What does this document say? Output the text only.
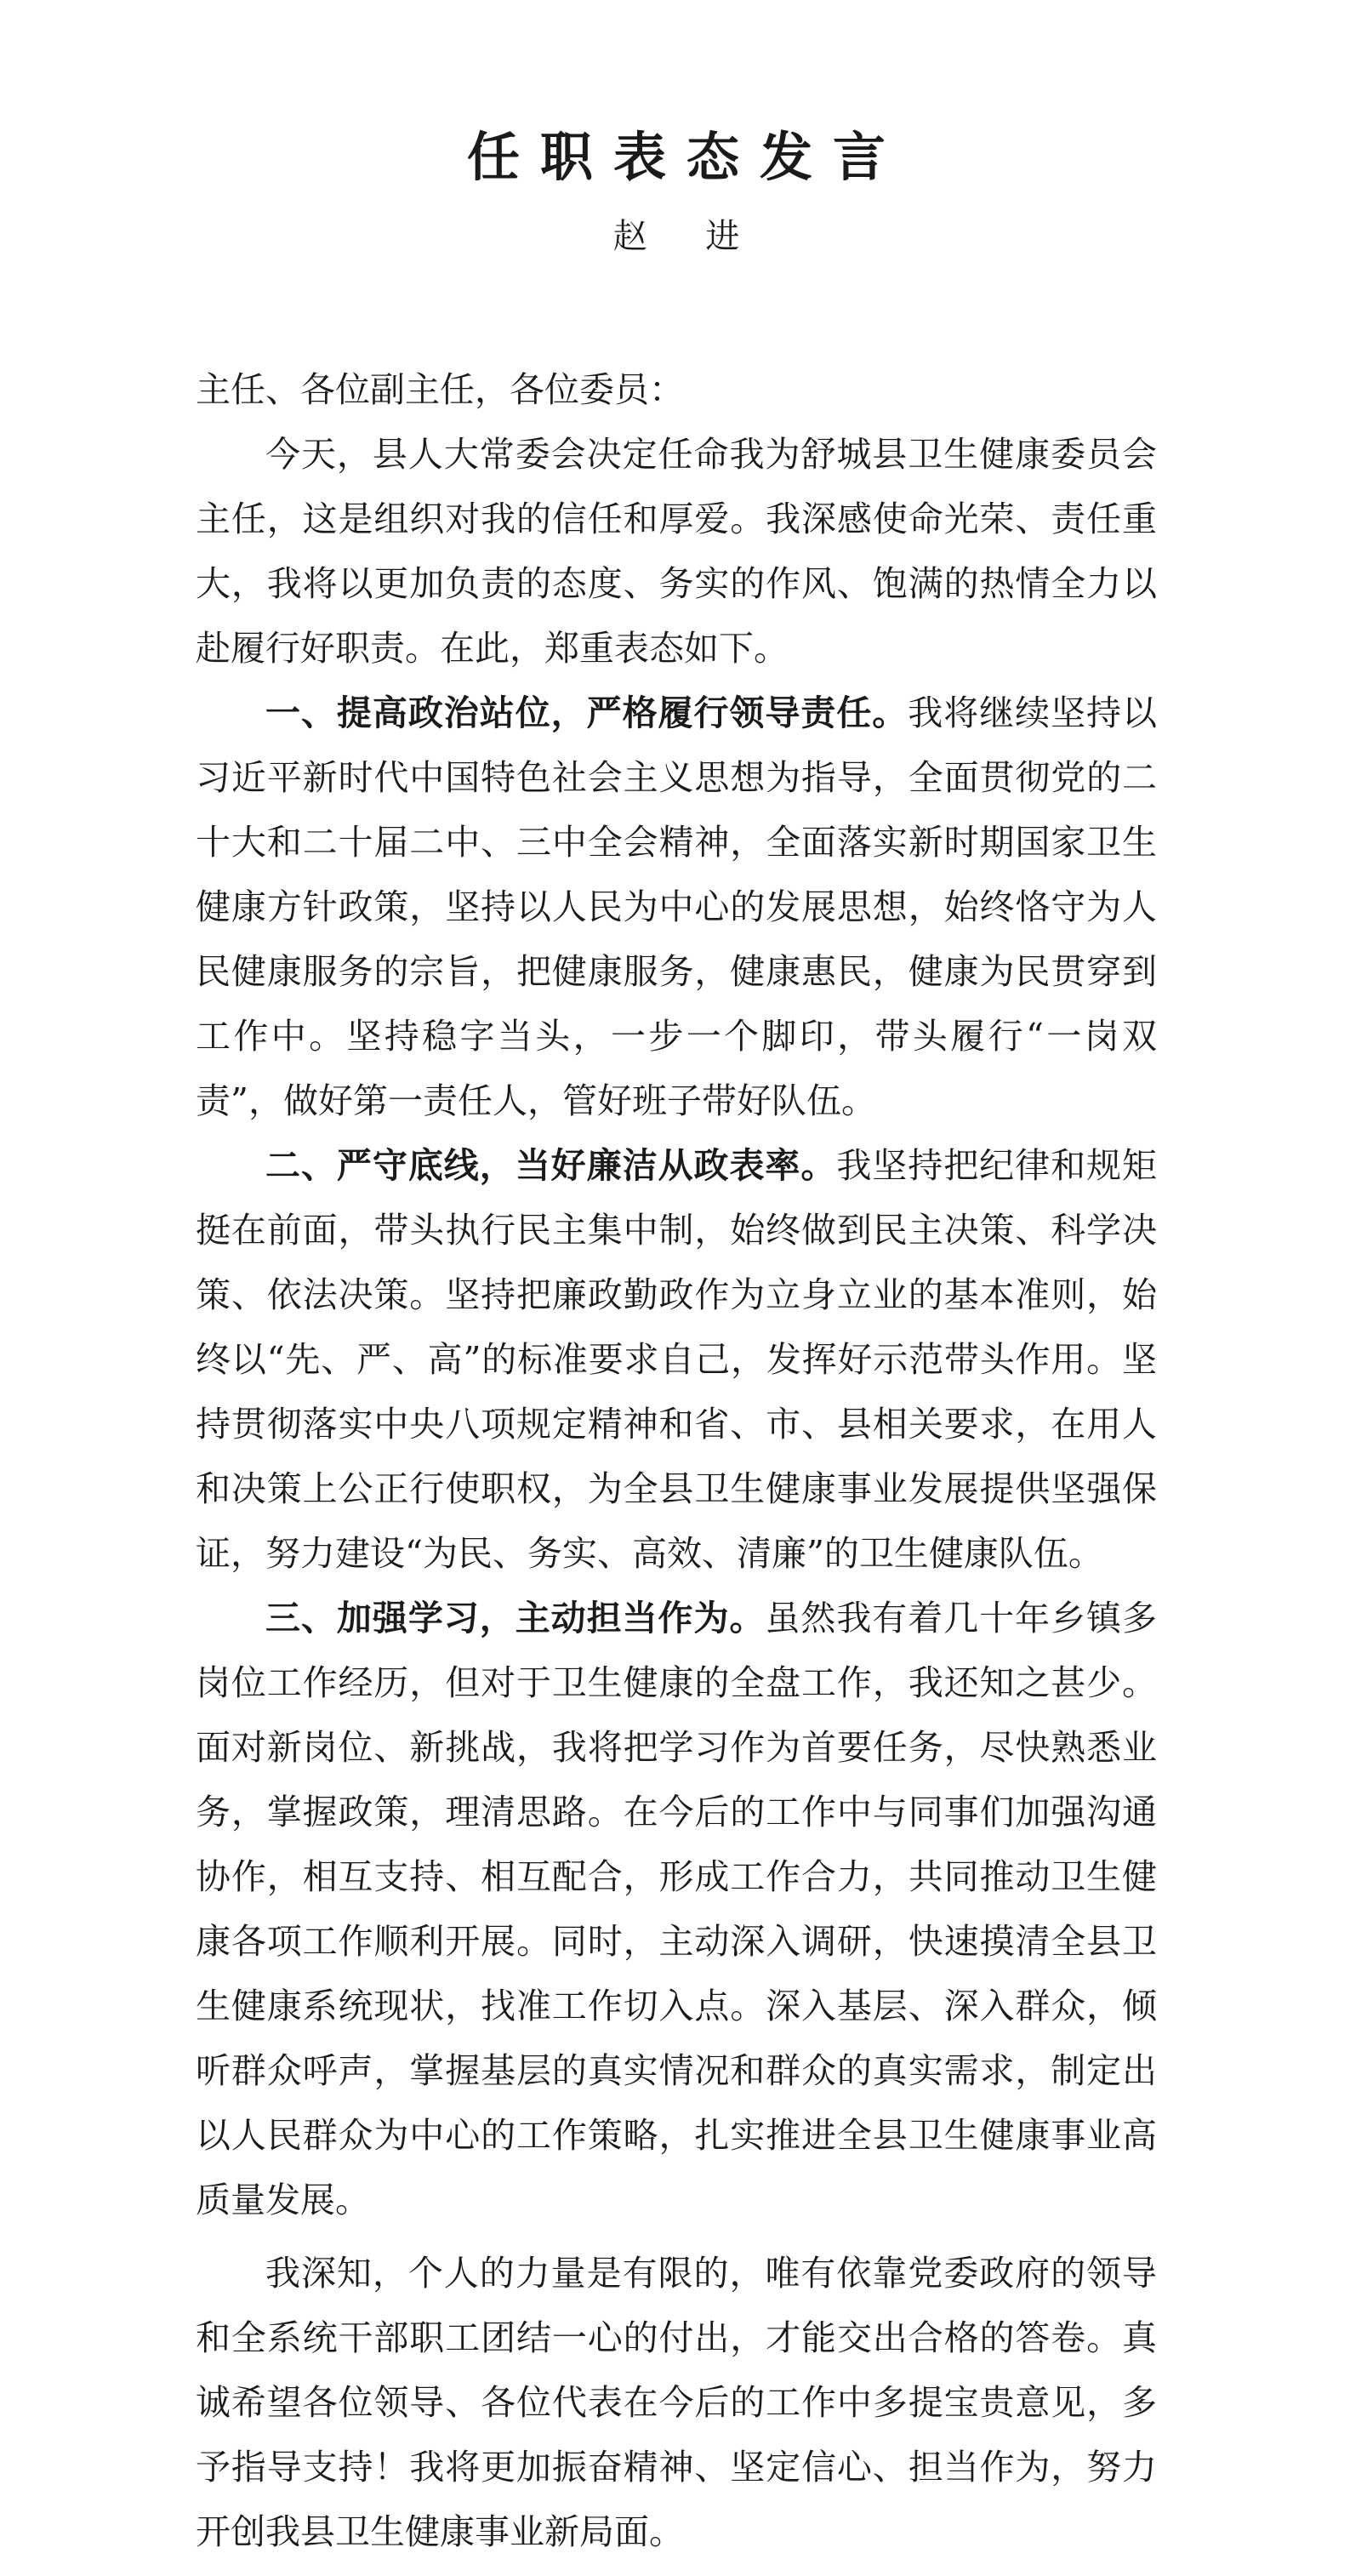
任职表态发言
赵 进
主任、各位副主任，各位委员：

今天，县人大常委会决定任命我为舒城县卫生健康委员会主任，这是组织对我的信任和厚爱。我深感使命光荣、责任重大，我将以更加负责的态度、务实的作风、饱满的热情全力以赴履行好职责。在此，郑重表态如下。

一、提高政治站位，严格履行领导责任。我将继续坚持以习近平新时代中国特色社会主义思想为指导，全面贯彻党的二十大和二十届二中、三中全会精神，全面落实新时期国家卫生健康方针政策，坚持以人民为中心的发展思想，始终恪守为人民健康服务的宗旨，把健康服务，健康惠民，健康为民贯穿到工作中。坚持稳字当头，一步一个脚印，带头履行“一岗双责”，做好第一责任人，管好班子带好队伍。

二、严守底线，当好廉洁从政表率。我坚持把纪律和规矩挺在前面，带头执行民主集中制，始终做到民主决策、科学决策、依法决策。坚持把廉政勤政作为立身立业的基本准则，始终以“先、严、高”的标准要求自己，发挥好示范带头作用。坚持贯彻落实中央八项规定精神和省、市、县相关要求，在用人和决策上公正行使职权，为全县卫生健康事业发展提供坚强保证，努力建设“为民、务实、高效、清廉”的卫生健康队伍。

三、加强学习，主动担当作为。虽然我有着几十年乡镇多岗位工作经历，但对于卫生健康的全盘工作，我还知之甚少。面对新岗位、新挑战，我将把学习作为首要任务，尽快熟悉业务，掌握政策，理清思路。在今后的工作中与同事们加强沟通协作，相互支持、相互配合，形成工作合力，共同推动卫生健康各项工作顺利开展。同时，主动深入调研，快速摸清全县卫生健康系统现状，找准工作切入点。深入基层、深入群众，倾听群众呼声，掌握基层的真实情况和群众的真实需求，制定出以人民群众为中心的工作策略，扎实推进全县卫生健康事业高质量发展。

我深知，个人的力量是有限的，唯有依靠党委政府的领导和全系统干部职工团结一心的付出，才能交出合格的答卷。真诚希望各位领导、各位代表在今后的工作中多提宝贵意见，多予指导支持！我将更加振奋精神、坚定信心、担当作为，努力开创我县卫生健康事业新局面。
